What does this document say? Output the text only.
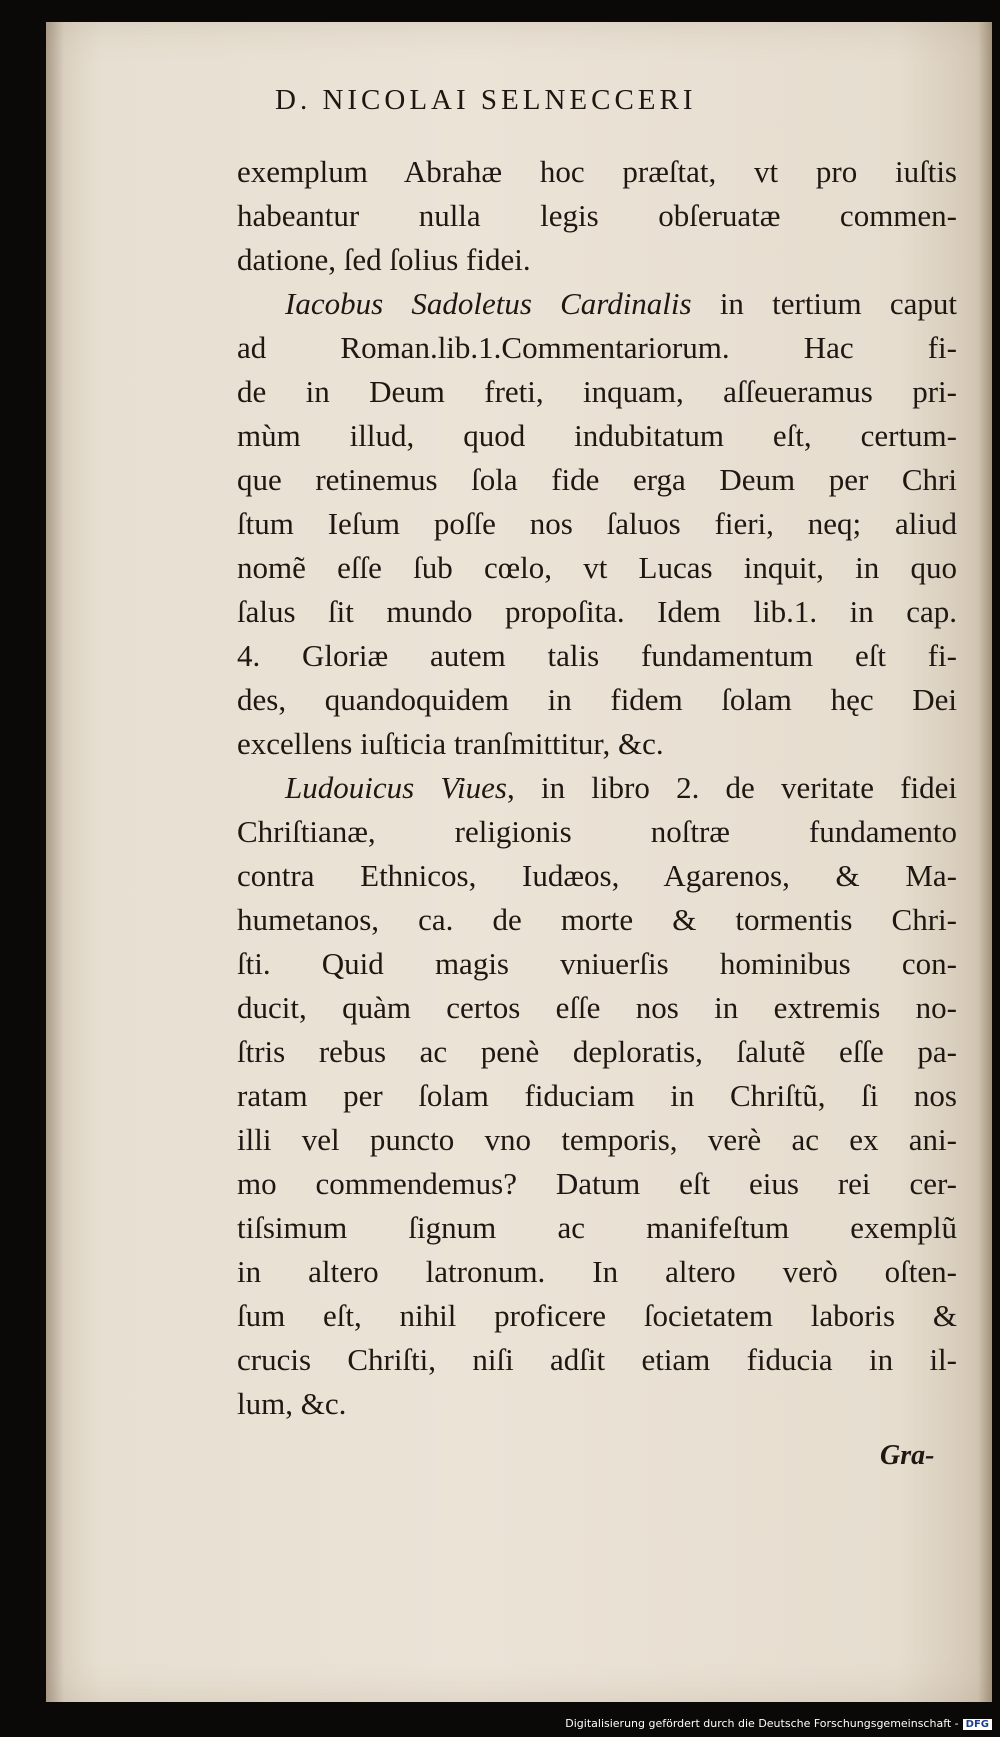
D. NICOLAI SELNECCERI
exemplum Abrahæ hoc præſtat, vt pro iuſtis
habeantur nulla legis obſeruatæ commen-
datione, ſed ſolius fidei.
Iacobus Sadoletus Cardinalis in tertium caput
ad Roman.lib.1.Commentariorum. Hac fi-
de in Deum freti, inquam, aſſeueramus pri-
mùm illud, quod indubitatum eſt, certum-
que retinemus ſola fide erga Deum per Chri
ſtum Ieſum poſſe nos ſaluos fieri, neq; aliud
nomẽ eſſe ſub cœlo, vt Lucas inquit, in quo
ſalus ſit mundo propoſita. Idem lib.1. in cap.
4. Gloriæ autem talis fundamentum eſt fi-
des, quandoquidem in fidem ſolam hęc Dei
excellens iuſticia tranſmittitur, &c.
Ludouicus Viues, in libro 2. de veritate fidei
Chriſtianæ, religionis noſtræ fundamento
contra Ethnicos, Iudæos, Agarenos, & Ma-
humetanos, ca. de morte & tormentis Chri-
ſti. Quid magis vniuerſis hominibus con-
ducit, quàm certos eſſe nos in extremis no-
ſtris rebus ac penè deploratis, ſalutẽ eſſe pa-
ratam per ſolam fiduciam in Chriſtũ, ſi nos
illi vel puncto vno temporis, verè ac ex ani-
mo commendemus? Datum eſt eius rei cer-
tiſsimum ſignum ac manifeſtum exemplũ
in altero latronum. In altero verò oſten-
ſum eſt, nihil proficere ſocietatem laboris &
crucis Chriſti, niſi adſit etiam fiducia in il-
lum, &c.
Gra-
Digitalisierung gefördert durch die Deutsche Forschungsgemeinschaft - DFG
